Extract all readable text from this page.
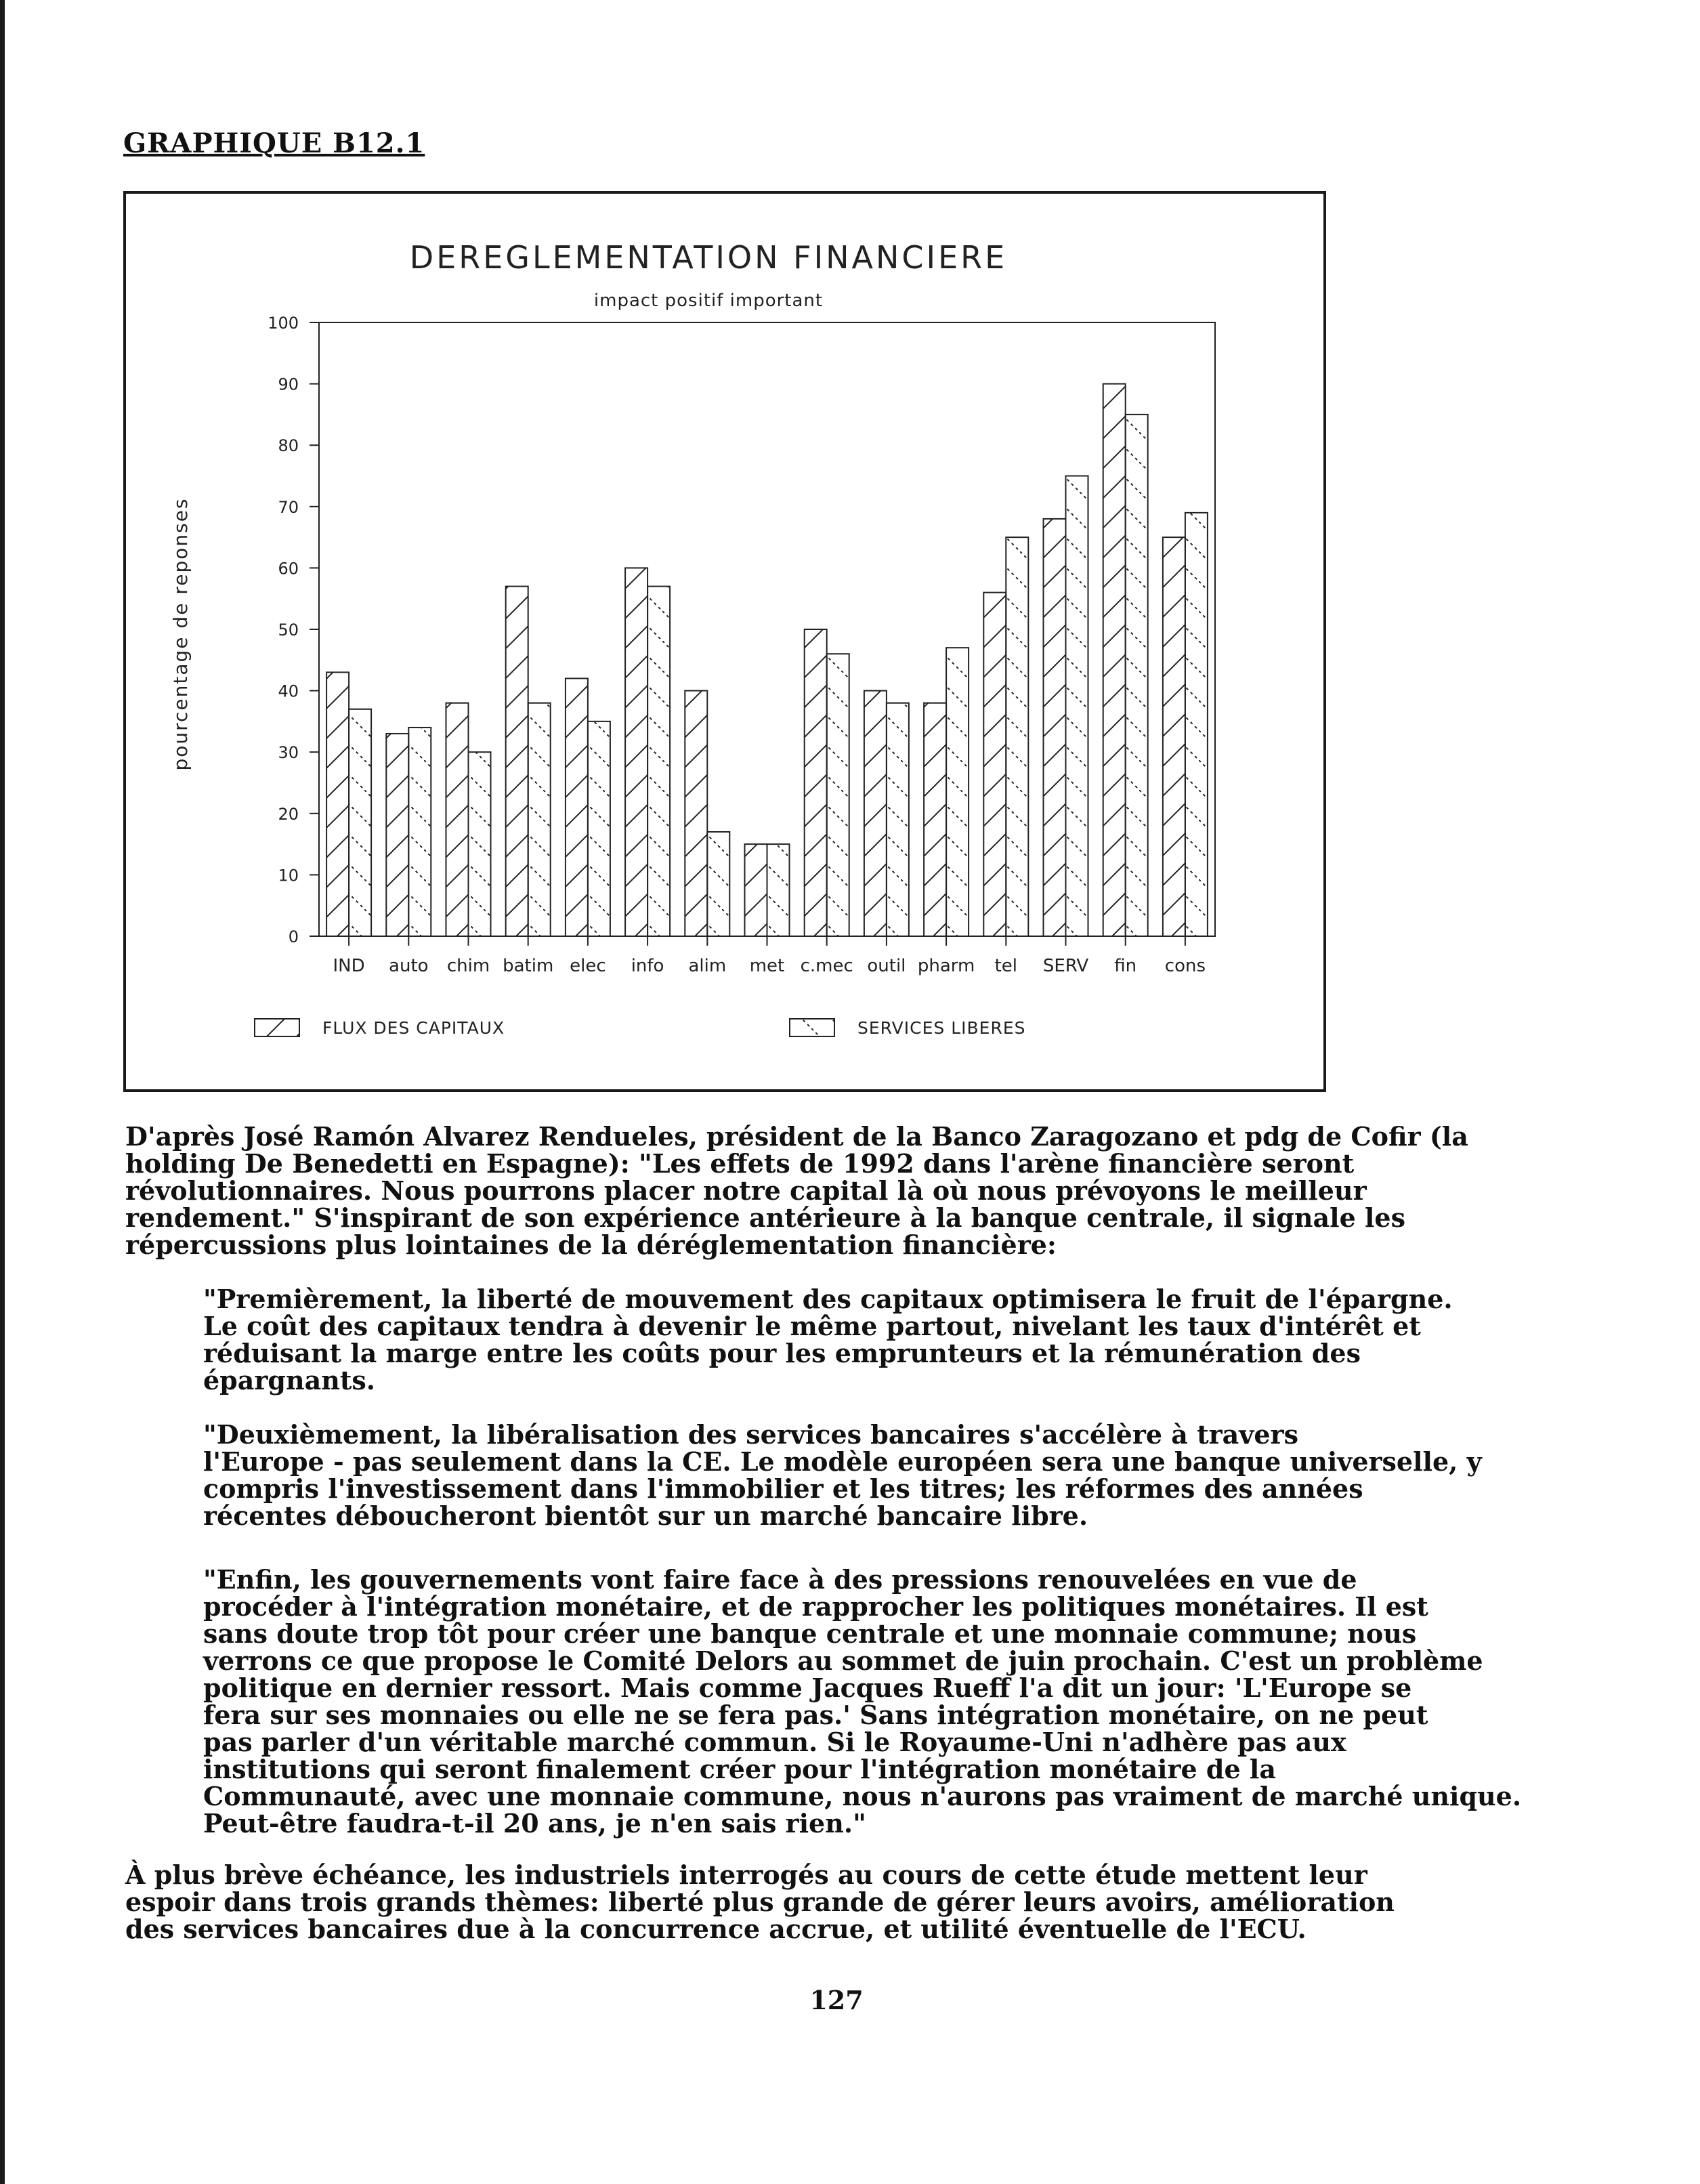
GRAPHIQUE B12.1
DEREGLEMENTATION FINANCIERE
impact positif important
pourcentage de reponses
0
10
20
30
40
50
60
70
80
90
100
IND auto chim batim elec info alim met c.mec outil pharm tel SERV fin cons
FLUX DES CAPITAUX	SERVICES LIBERES
D'après José Ramón Alvarez Rendueles, président de la Banco Zaragozano et pdg de Cofir (la
holding De Benedetti en Espagne): "Les effets de 1992 dans l'arène financière seront
révolutionnaires. Nous pourrons placer notre capital là où nous prévoyons le meilleur
rendement." S'inspirant de son expérience antérieure à la banque centrale, il signale les
répercussions plus lointaines de la déréglementation financière:
"Premièrement, la liberté de mouvement des capitaux optimisera le fruit de l'épargne.
Le coût des capitaux tendra à devenir le même partout, nivelant les taux d'intérêt et
réduisant la marge entre les coûts pour les emprunteurs et la rémunération des
épargnants.
"Deuxièmement, la libéralisation des services bancaires s'accélère à travers
l'Europe - pas seulement dans la CE. Le modèle européen sera une banque universelle, y
compris l'investissement dans l'immobilier et les titres; les réformes des années
récentes déboucheront bientôt sur un marché bancaire libre.
"Enfin, les gouvernements vont faire face à des pressions renouvelées en vue de
procéder à l'intégration monétaire, et de rapprocher les politiques monétaires. Il est
sans doute trop tôt pour créer une banque centrale et une monnaie commune; nous
verrons ce que propose le Comité Delors au sommet de juin prochain. C'est un problème
politique en dernier ressort. Mais comme Jacques Rueff l'a dit un jour: 'L'Europe se
fera sur ses monnaies ou elle ne se fera pas.' Sans intégration monétaire, on ne peut
pas parler d'un véritable marché commun. Si le Royaume-Uni n'adhère pas aux
institutions qui seront finalement créer pour l'intégration monétaire de la
Communauté, avec une monnaie commune, nous n'aurons pas vraiment de marché unique.
Peut-être faudra-t-il 20 ans, je n'en sais rien."
À plus brève échéance, les industriels interrogés au cours de cette étude mettent leur
espoir dans trois grands thèmes: liberté plus grande de gérer leurs avoirs, amélioration
des services bancaires due à la concurrence accrue, et utilité éventuelle de l'ECU.
127
